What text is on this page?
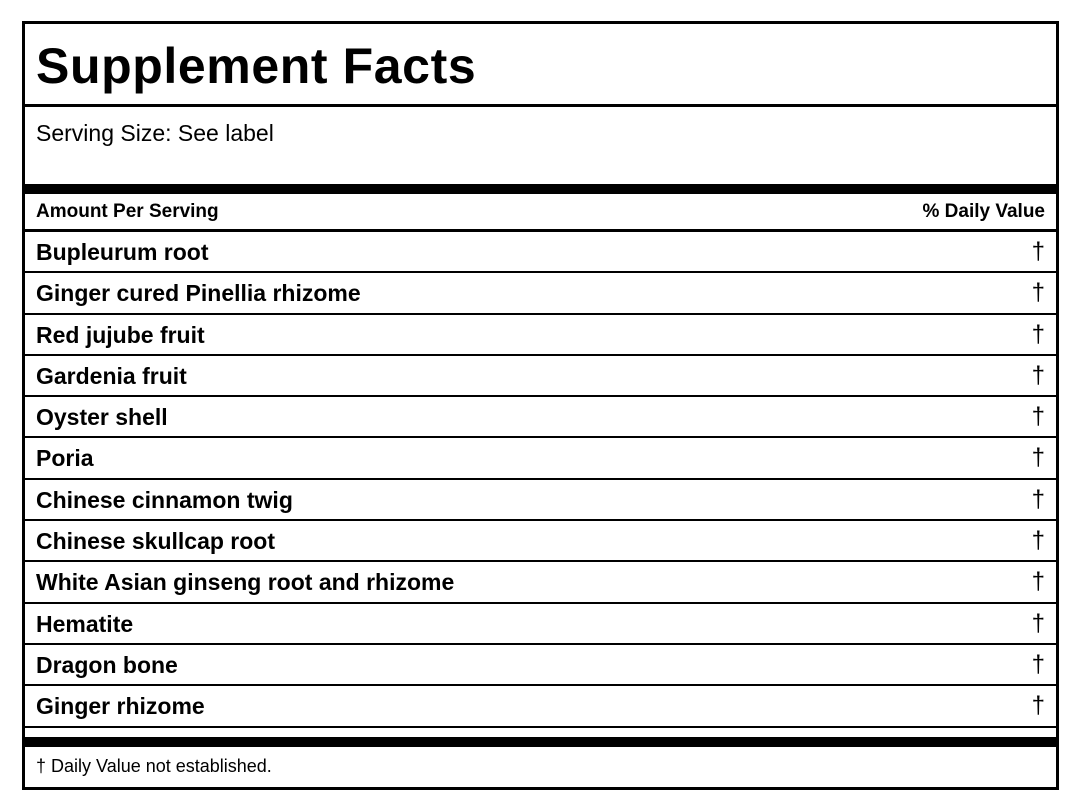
Supplement Facts
Serving Size: See label
Amount Per Serving	% Daily Value
Bupleurum root	†
Ginger cured Pinellia rhizome	†
Red jujube fruit	†
Gardenia fruit	†
Oyster shell	†
Poria	†
Chinese cinnamon twig	†
Chinese skullcap root	†
White Asian ginseng root and rhizome	†
Hematite	†
Dragon bone	†
Ginger rhizome	†
† Daily Value not established.
